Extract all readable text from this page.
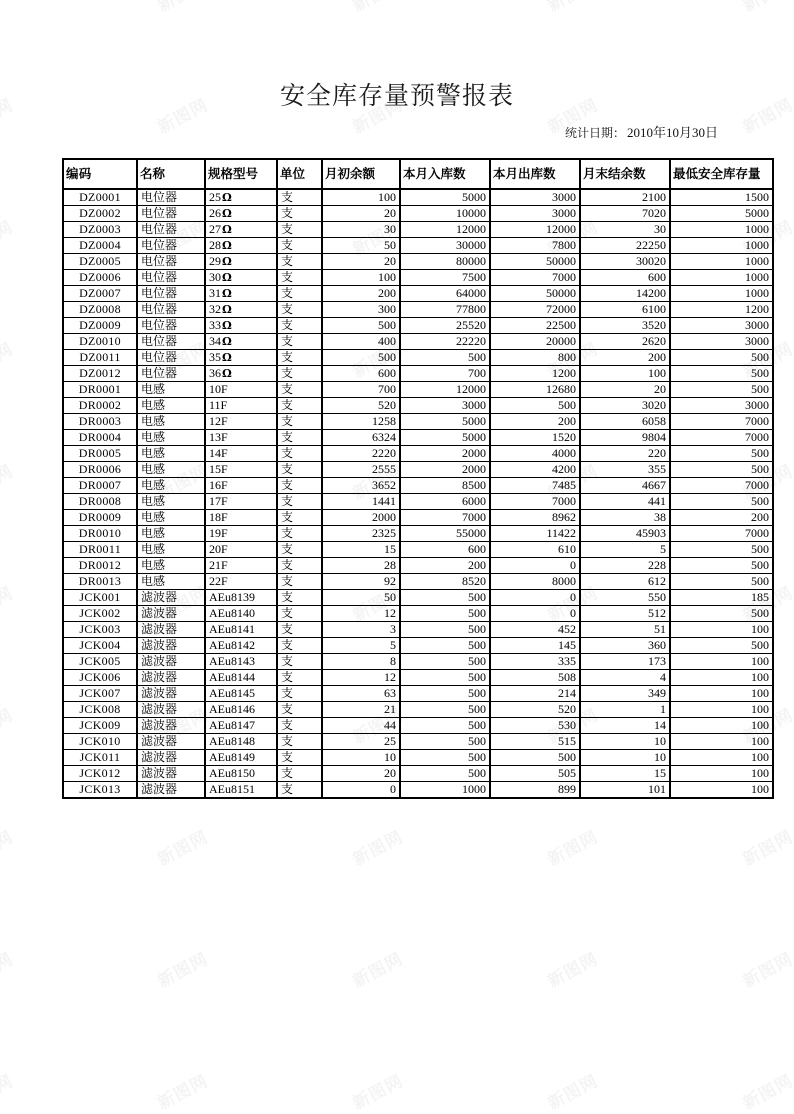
安全库存量预警报表
统计日期： 2010年10月30日
编码	名称	规格型号	单位	月初余额	本月入库数	本月出库数	月末结余数	最低安全库存量
DZ0001	电位器	25Ω	支	100	5000	3000	2100	1500
DZ0002	电位器	26Ω	支	20	10000	3000	7020	5000
DZ0003	电位器	27Ω	支	30	12000	12000	30	1000
DZ0004	电位器	28Ω	支	50	30000	7800	22250	1000
DZ0005	电位器	29Ω	支	20	80000	50000	30020	1000
DZ0006	电位器	30Ω	支	100	7500	7000	600	1000
DZ0007	电位器	31Ω	支	200	64000	50000	14200	1000
DZ0008	电位器	32Ω	支	300	77800	72000	6100	1200
DZ0009	电位器	33Ω	支	500	25520	22500	3520	3000
DZ0010	电位器	34Ω	支	400	22220	20000	2620	3000
DZ0011	电位器	35Ω	支	500	500	800	200	500
DZ0012	电位器	36Ω	支	600	700	1200	100	500
DR0001	电感	10F	支	700	12000	12680	20	500
DR0002	电感	11F	支	520	3000	500	3020	3000
DR0003	电感	12F	支	1258	5000	200	6058	7000
DR0004	电感	13F	支	6324	5000	1520	9804	7000
DR0005	电感	14F	支	2220	2000	4000	220	500
DR0006	电感	15F	支	2555	2000	4200	355	500
DR0007	电感	16F	支	3652	8500	7485	4667	7000
DR0008	电感	17F	支	1441	6000	7000	441	500
DR0009	电感	18F	支	2000	7000	8962	38	200
DR0010	电感	19F	支	2325	55000	11422	45903	7000
DR0011	电感	20F	支	15	600	610	5	500
DR0012	电感	21F	支	28	200	0	228	500
DR0013	电感	22F	支	92	8520	8000	612	500
JCK001	滤波器	AEu8139	支	50	500	0	550	185
JCK002	滤波器	AEu8140	支	12	500	0	512	500
JCK003	滤波器	AEu8141	支	3	500	452	51	100
JCK004	滤波器	AEu8142	支	5	500	145	360	500
JCK005	滤波器	AEu8143	支	8	500	335	173	100
JCK006	滤波器	AEu8144	支	12	500	508	4	100
JCK007	滤波器	AEu8145	支	63	500	214	349	100
JCK008	滤波器	AEu8146	支	21	500	520	1	100
JCK009	滤波器	AEu8147	支	44	500	530	14	100
JCK010	滤波器	AEu8148	支	25	500	515	10	100
JCK011	滤波器	AEu8149	支	10	500	500	10	100
JCK012	滤波器	AEu8150	支	20	500	505	15	100
JCK013	滤波器	AEu8151	支	0	1000	899	101	100
